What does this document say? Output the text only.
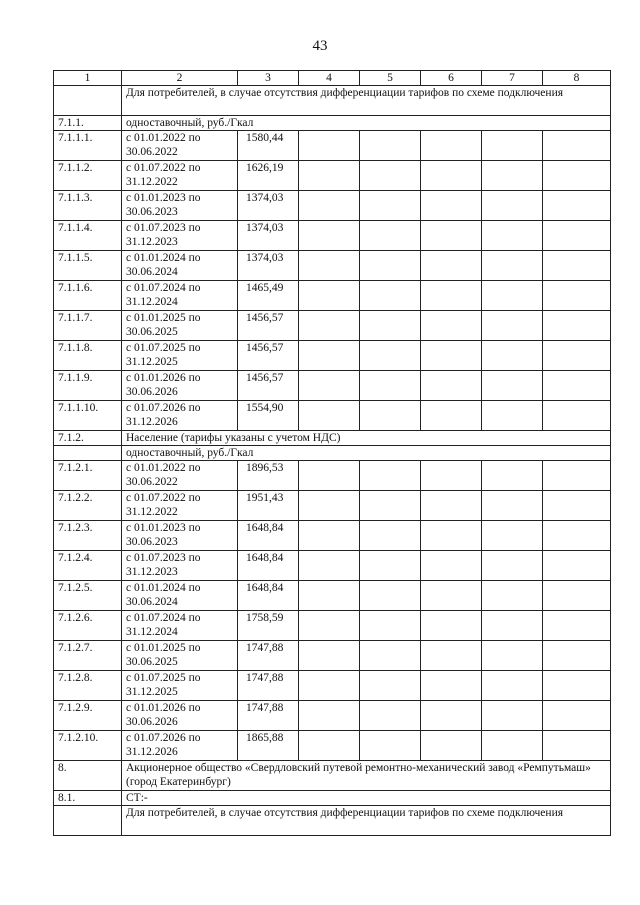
43
1	2	3	4	5	6	7	8
	Для потребителей, в случае отсутствия дифференциации тарифов по схеме подключения						
7.1.1.	одноставочный, руб./Гкал						
7.1.1.1.	с 01.01.2022 по 30.06.2022	1580,44					
7.1.1.2.	с 01.07.2022 по 31.12.2022	1626,19					
7.1.1.3.	с 01.01.2023 по 30.06.2023	1374,03					
7.1.1.4.	с 01.07.2023 по 31.12.2023	1374,03					
7.1.1.5.	с 01.01.2024 по 30.06.2024	1374,03					
7.1.1.6.	с 01.07.2024 по 31.12.2024	1465,49					
7.1.1.7.	с 01.01.2025 по 30.06.2025	1456,57					
7.1.1.8.	с 01.07.2025 по 31.12.2025	1456,57					
7.1.1.9.	с 01.01.2026 по 30.06.2026	1456,57					
7.1.1.10.	с 01.07.2026 по 31.12.2026	1554,90					
7.1.2.	Население (тарифы указаны с учетом НДС)						
	одноставочный, руб./Гкал						
7.1.2.1.	с 01.01.2022 по 30.06.2022	1896,53					
7.1.2.2.	с 01.07.2022 по 31.12.2022	1951,43					
7.1.2.3.	с 01.01.2023 по 30.06.2023	1648,84					
7.1.2.4.	с 01.07.2023 по 31.12.2023	1648,84					
7.1.2.5.	с 01.01.2024 по 30.06.2024	1648,84					
7.1.2.6.	с 01.07.2024 по 31.12.2024	1758,59					
7.1.2.7.	с 01.01.2025 по 30.06.2025	1747,88					
7.1.2.8.	с 01.07.2025 по 31.12.2025	1747,88					
7.1.2.9.	с 01.01.2026 по 30.06.2026	1747,88					
7.1.2.10.	с 01.07.2026 по 31.12.2026	1865,88					
8.	Акционерное общество «Свердловский путевой ремонтно-механический завод «Ремпутьмаш» (город Екатеринбург)						
8.1.	СТ:-						
	Для потребителей, в случае отсутствия дифференциации тарифов по схеме подключения						
